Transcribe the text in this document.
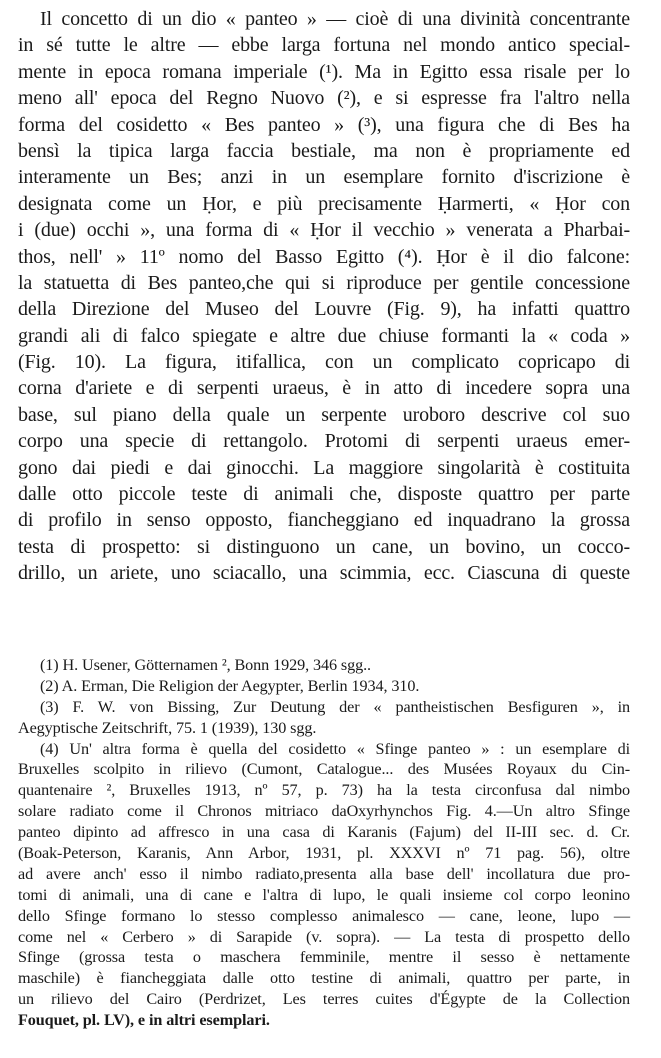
Il concetto di un dio « panteo » — cioè di una divinità concentrante
in sé tutte le altre — ebbe larga fortuna nel mondo antico special-
mente in epoca romana imperiale (¹). Ma in Egitto essa risale per lo
meno all' epoca del Regno Nuovo (²), e si espresse fra l'altro nella
forma del cosidetto « Bes panteo » (³), una figura che di Bes ha
bensì la tipica larga faccia bestiale, ma non è propriamente ed
interamente un Bes; anzi in un esemplare fornito d'iscrizione è
designata come un Ḥor, e più precisamente Ḥarmerti, « Ḥor con
i (due) occhi », una forma di « Ḥor il vecchio » venerata a Pharbai-
thos, nell' » 11º nomo del Basso Egitto (⁴). Ḥor è il dio falcone:
la statuetta di Bes panteo,che qui si riproduce per gentile concessione
della Direzione del Museo del Louvre (Fig. 9), ha infatti quattro
grandi ali di falco spiegate e altre due chiuse formanti la « coda »
(Fig. 10). La figura, itifallica, con un complicato copricapo di
corna d'ariete e di serpenti uraeus, è in atto di incedere sopra una
base, sul piano della quale un serpente uroboro descrive col suo
corpo una specie di rettangolo. Protomi di serpenti uraeus emer-
gono dai piedi e dai ginocchi. La maggiore singolarità è costituita
dalle otto piccole teste di animali che, disposte quattro per parte
di profilo in senso opposto, fiancheggiano ed inquadrano la grossa
testa di prospetto: si distinguono un cane, un bovino, un cocco-
drillo, un ariete, uno sciacallo, una scimmia, ecc. Ciascuna di queste
(1) H. Usener, Götternamen ², Bonn 1929, 346 sgg..
(2) A. Erman, Die Religion der Aegypter, Berlin 1934, 310.
(3) F. W. von Bissing, Zur Deutung der « pantheistischen Besfiguren », in
Aegyptische Zeitschrift, 75. 1 (1939), 130 sgg.
(4) Un' altra forma è quella del cosidetto « Sfinge panteo » : un esemplare di
Bruxelles scolpito in rilievo (Cumont, Catalogue... des Musées Royaux du Cin-
quantenaire ², Bruxelles 1913, nº 57, p. 73) ha la testa circonfusa dal nimbo
solare radiato come il Chronos mitriaco daOxyrhynchos Fig. 4.—Un altro Sfinge
panteo dipinto ad affresco in una casa di Karanis (Fajum) del II-III sec. d. Cr.
(Boak-Peterson, Karanis, Ann Arbor, 1931, pl. XXXVI nº 71 pag. 56), oltre
ad avere anch' esso il nimbo radiato,presenta alla base dell' incollatura due pro-
tomi di animali, una di cane e l'altra di lupo, le quali insieme col corpo leonino
dello Sfinge formano lo stesso complesso animalesco — cane, leone, lupo —
come nel « Cerbero » di Sarapide (v. sopra). — La testa di prospetto dello
Sfinge (grossa testa o maschera femminile, mentre il sesso è nettamente
maschile) è fiancheggiata dalle otto testine di animali, quattro per parte, in
un rilievo del Cairo (Perdrizet, Les terres cuites d'Égypte de la Collection
Fouquet, pl. LV), e in altri esemplari.
